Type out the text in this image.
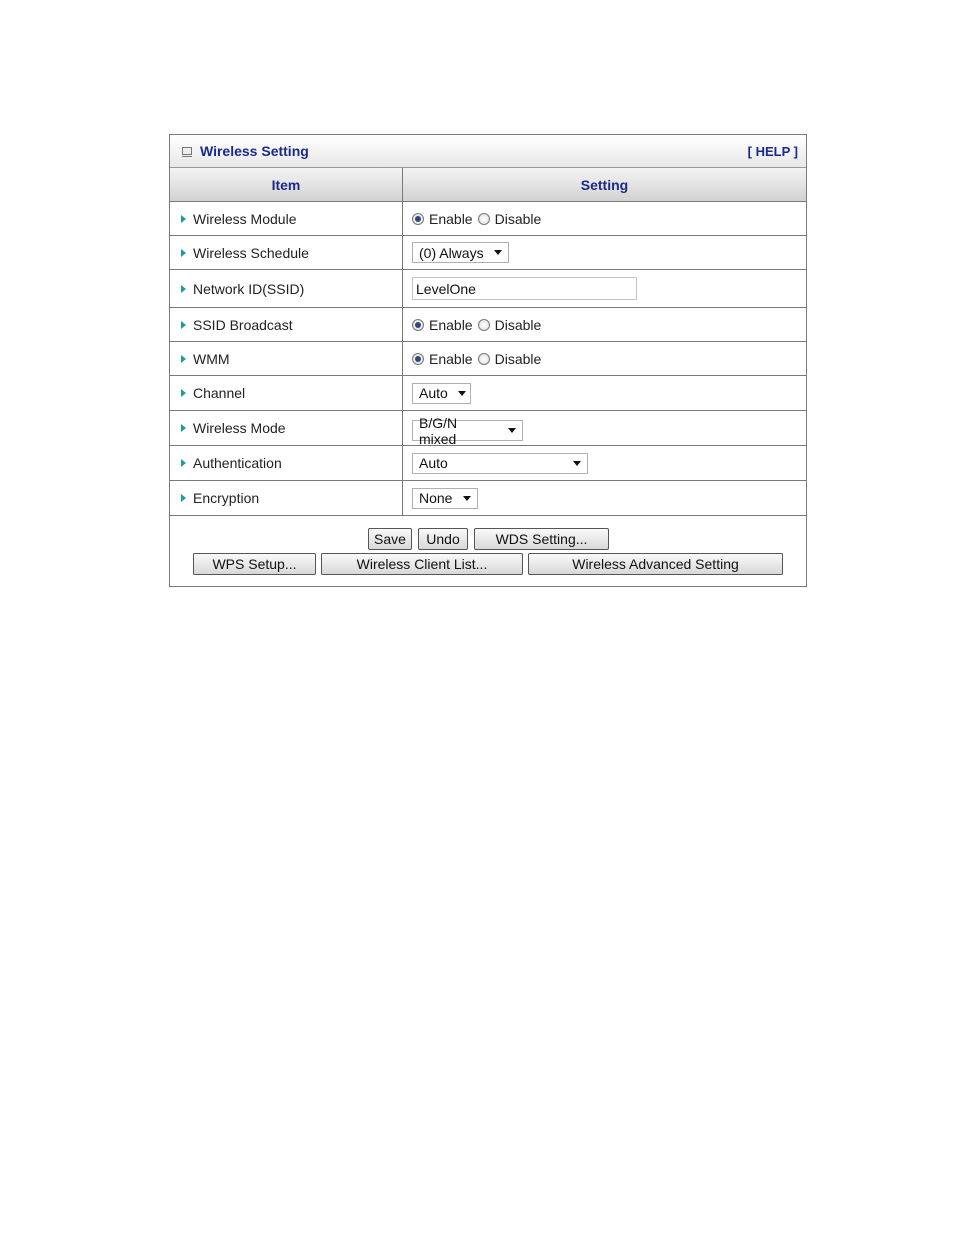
Wireless Setting	[ HELP ]
Item	Setting
Wireless Module	Enable Disable

Wireless Schedule	(0) Always

Network ID(SSID)	LevelOne
SSID Broadcast	Enable Disable

WMM	Enable Disable

Channel	Auto

Wireless Mode	B/G/N mixed

Authentication	Auto

Encryption	None
Save	Undo	WDS Setting...
WPS Setup...	Wireless Client List...	Wireless Advanced Setting
